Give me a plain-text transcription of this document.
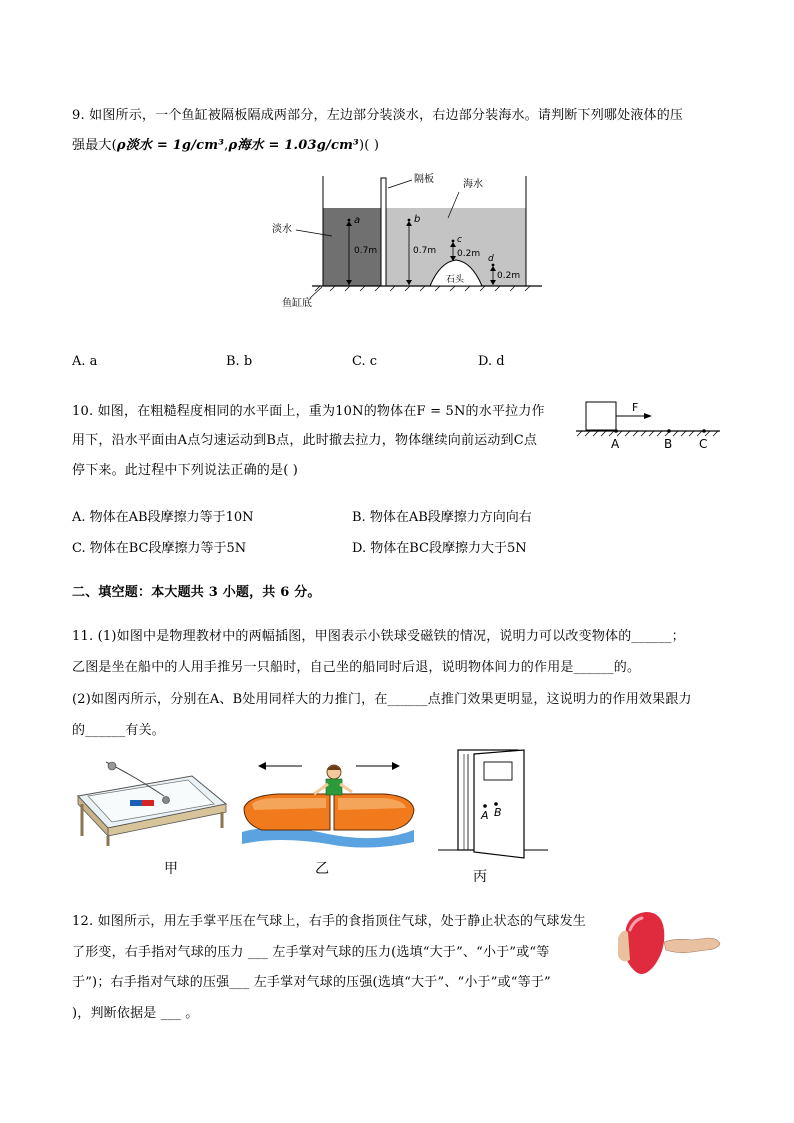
9. 如图所示，一个鱼缸被隔板隔成两部分，左边部分装淡水，右边部分装海水。请判断下列哪处液体的压
强最大(ρ淡水 = 1g/cm³,ρ海水 = 1.03g/cm³)( )
石头
a
0.7m
b
0.7m
c
0.2m d
0.2m
隔板	海水
淡水
鱼缸底
A. a	B. b	C. c	D. d
10. 如图，在粗糙程度相同的水平面上，重为10N的物体在F = 5N的水平拉力作
用下，沿水平面由A点匀速运动到B点，此时撤去拉力，物体继续向前运动到C点
停下来。此过程中下列说法正确的是( )
F
A	B C
A. 物体在AB段摩擦力等于10N	B. 物体在AB段摩擦力方向向右
C. 物体在BC段摩擦力等于5N	D. 物体在BC段摩擦力大于5N
二、填空题：本大题共 3 小题，共 6 分。
11. (1)如图中是物理教材中的两幅插图，甲图表示小铁球受磁铁的情况，说明力可以改变物体的______；
乙图是坐在船中的人用手推另一只船时，自己坐的船同时后退，说明物体间力的作用是______的。
(2)如图丙所示，分别在A、B处用同样大的力推门，在______点推门效果更明显，这说明力的作用效果跟力
的______有关。
甲	乙
A B
丙
12. 如图所示，用左手掌平压在气球上，右手的食指顶住气球，处于静止状态的气球发生
了形变，右手指对气球的压力 ___ 左手掌对气球的压力(选填“大于”、“小于”或“等
于”)；右手指对气球的压强___ 左手掌对气球的压强(选填“大于”、“小于”或“等于”
)，判断依据是 ___ 。
